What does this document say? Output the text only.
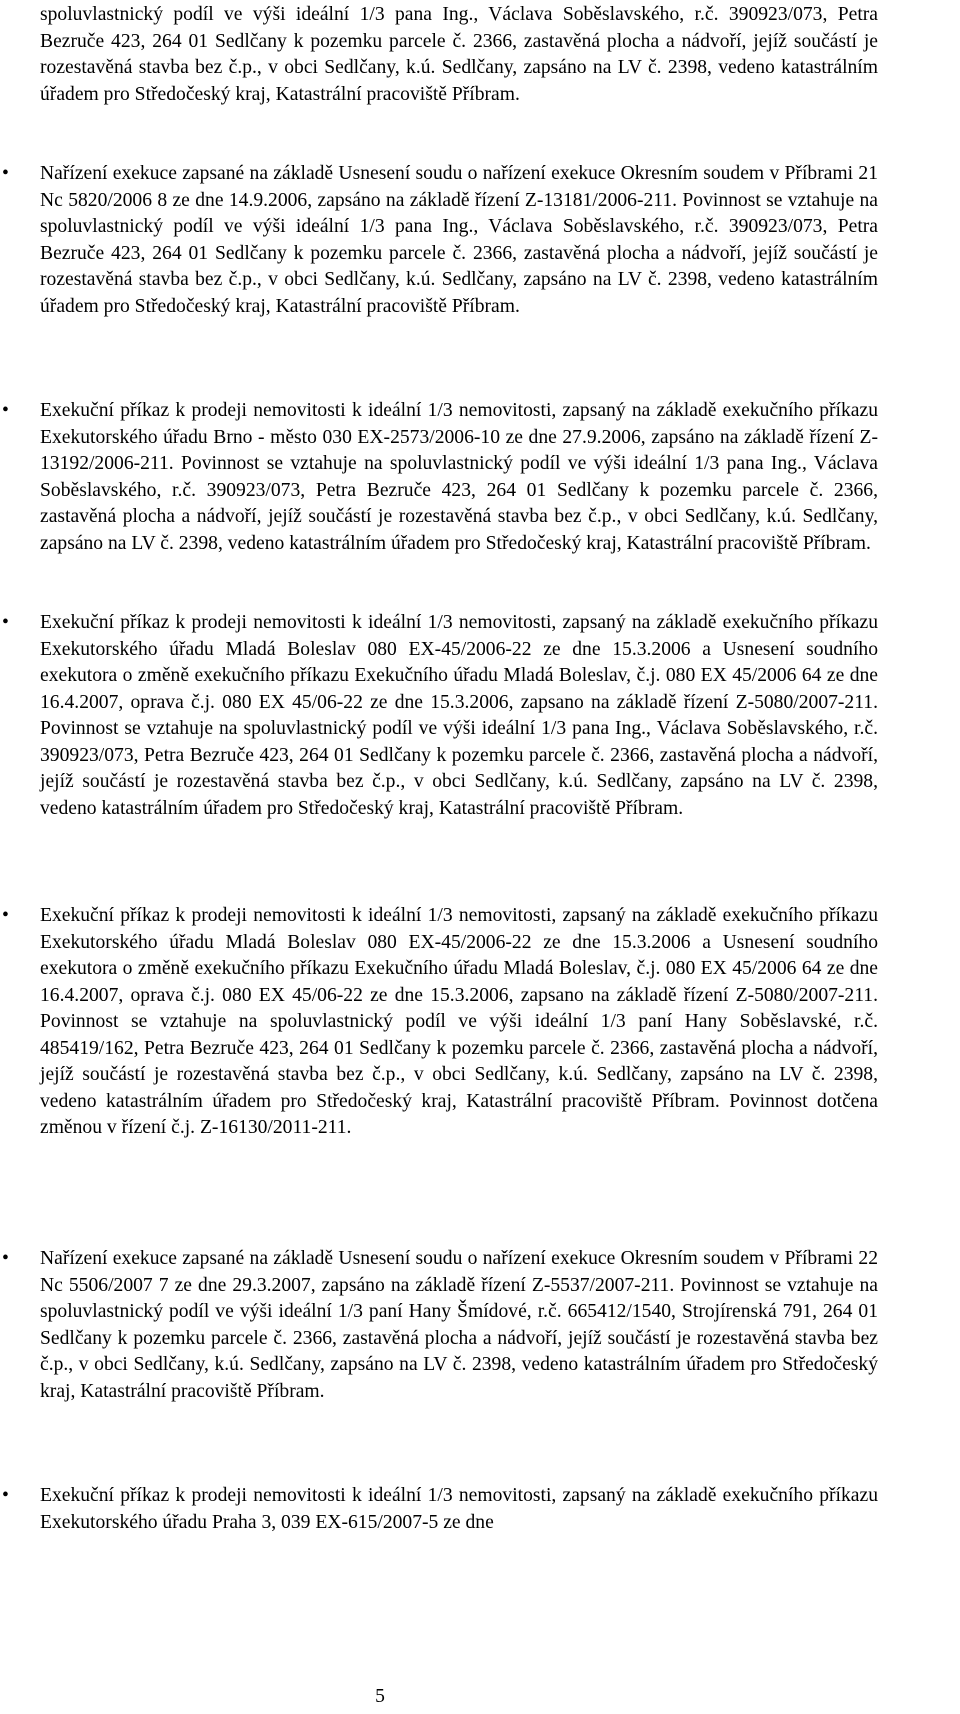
spoluvlastnický podíl ve výši ideální 1/3 pana Ing., Václava Soběslavského, r.č. 390923/073, Petra Bezruče 423, 264 01 Sedlčany k pozemku parcele č. 2366, zastavěná plocha a nádvoří, jejíž součástí je rozestavěná stavba bez č.p., v obci Sedlčany, k.ú. Sedlčany, zapsáno na LV č. 2398, vedeno katastrálním úřadem pro Středočeský kraj, Katastrální pracoviště Příbram.

•	Nařízení exekuce zapsané na základě Usnesení soudu o nařízení exekuce Okresním soudem v Příbrami 21 Nc 5820/2006 8 ze dne 14.9.2006, zapsáno na základě řízení Z-13181/2006-211. Povinnost se vztahuje na spoluvlastnický podíl ve výši ideální 1/3 pana Ing., Václava Soběslavského, r.č. 390923/073, Petra Bezruče 423, 264 01 Sedlčany k pozemku parcele č. 2366, zastavěná plocha a nádvoří, jejíž součástí je rozestavěná stavba bez č.p., v obci Sedlčany, k.ú. Sedlčany, zapsáno na LV č. 2398, vedeno katastrálním úřadem pro Středočeský kraj, Katastrální pracoviště Příbram.
•	Exekuční příkaz k prodeji nemovitosti k ideální 1/3 nemovitosti, zapsaný na základě exekučního příkazu Exekutorského úřadu Brno - město 030 EX-2573/2006-10 ze dne 27.9.2006, zapsáno na základě řízení Z-13192/2006-211. Povinnost se vztahuje na spoluvlastnický podíl ve výši ideální 1/3 pana Ing., Václava Soběslavského, r.č. 390923/073, Petra Bezruče 423, 264 01 Sedlčany k pozemku parcele č. 2366, zastavěná plocha a nádvoří, jejíž součástí je rozestavěná stavba bez č.p., v obci Sedlčany, k.ú. Sedlčany, zapsáno na LV č. 2398, vedeno katastrálním úřadem pro Středočeský kraj, Katastrální pracoviště Příbram.
•	Exekuční příkaz k prodeji nemovitosti k ideální 1/3 nemovitosti, zapsaný na základě exekučního příkazu Exekutorského úřadu Mladá Boleslav 080 EX-45/2006-22 ze dne 15.3.2006 a Usnesení soudního exekutora o změně exekučního příkazu Exekučního úřadu Mladá Boleslav, č.j. 080 EX 45/2006 64 ze dne 16.4.2007, oprava č.j. 080 EX 45/06-22 ze dne 15.3.2006, zapsano na základě řízení Z-5080/2007-211. Povinnost se vztahuje na spoluvlastnický podíl ve výši ideální 1/3 pana Ing., Václava Soběslavského, r.č. 390923/073, Petra Bezruče 423, 264 01 Sedlčany k pozemku parcele č. 2366, zastavěná plocha a nádvoří, jejíž součástí je rozestavěná stavba bez č.p., v obci Sedlčany, k.ú. Sedlčany, zapsáno na LV č. 2398, vedeno katastrálním úřadem pro Středočeský kraj, Katastrální pracoviště Příbram.
•	Exekuční příkaz k prodeji nemovitosti k ideální 1/3 nemovitosti, zapsaný na základě exekučního příkazu Exekutorského úřadu Mladá Boleslav 080 EX-45/2006-22 ze dne 15.3.2006 a Usnesení soudního exekutora o změně exekučního příkazu Exekučního úřadu Mladá Boleslav, č.j. 080 EX 45/2006 64 ze dne 16.4.2007, oprava č.j. 080 EX 45/06-22 ze dne 15.3.2006, zapsano na základě řízení Z-5080/2007-211. Povinnost se vztahuje na spoluvlastnický podíl ve výši ideální 1/3 paní Hany Soběslavské, r.č. 485419/162, Petra Bezruče 423, 264 01 Sedlčany k pozemku parcele č. 2366, zastavěná plocha a nádvoří, jejíž součástí je rozestavěná stavba bez č.p., v obci Sedlčany, k.ú. Sedlčany, zapsáno na LV č. 2398, vedeno katastrálním úřadem pro Středočeský kraj, Katastrální pracoviště Příbram. Povinnost dotčena změnou v řízení č.j. Z-16130/2011-211.
•	Nařízení exekuce zapsané na základě Usnesení soudu o nařízení exekuce Okresním soudem v Příbrami 22 Nc 5506/2007 7 ze dne 29.3.2007, zapsáno na základě řízení Z-5537/2007-211. Povinnost se vztahuje na spoluvlastnický podíl ve výši ideální 1/3 paní Hany Šmídové, r.č. 665412/1540, Strojírenská 791, 264 01 Sedlčany k pozemku parcele č. 2366, zastavěná plocha a nádvoří, jejíž součástí je rozestavěná stavba bez č.p., v obci Sedlčany, k.ú. Sedlčany, zapsáno na LV č. 2398, vedeno katastrálním úřadem pro Středočeský kraj, Katastrální pracoviště Příbram.
•	Exekuční příkaz k prodeji nemovitosti k ideální 1/3 nemovitosti, zapsaný na základě exekučního příkazu Exekutorského úřadu Praha 3, 039 EX-615/2007-5 ze dne
5
